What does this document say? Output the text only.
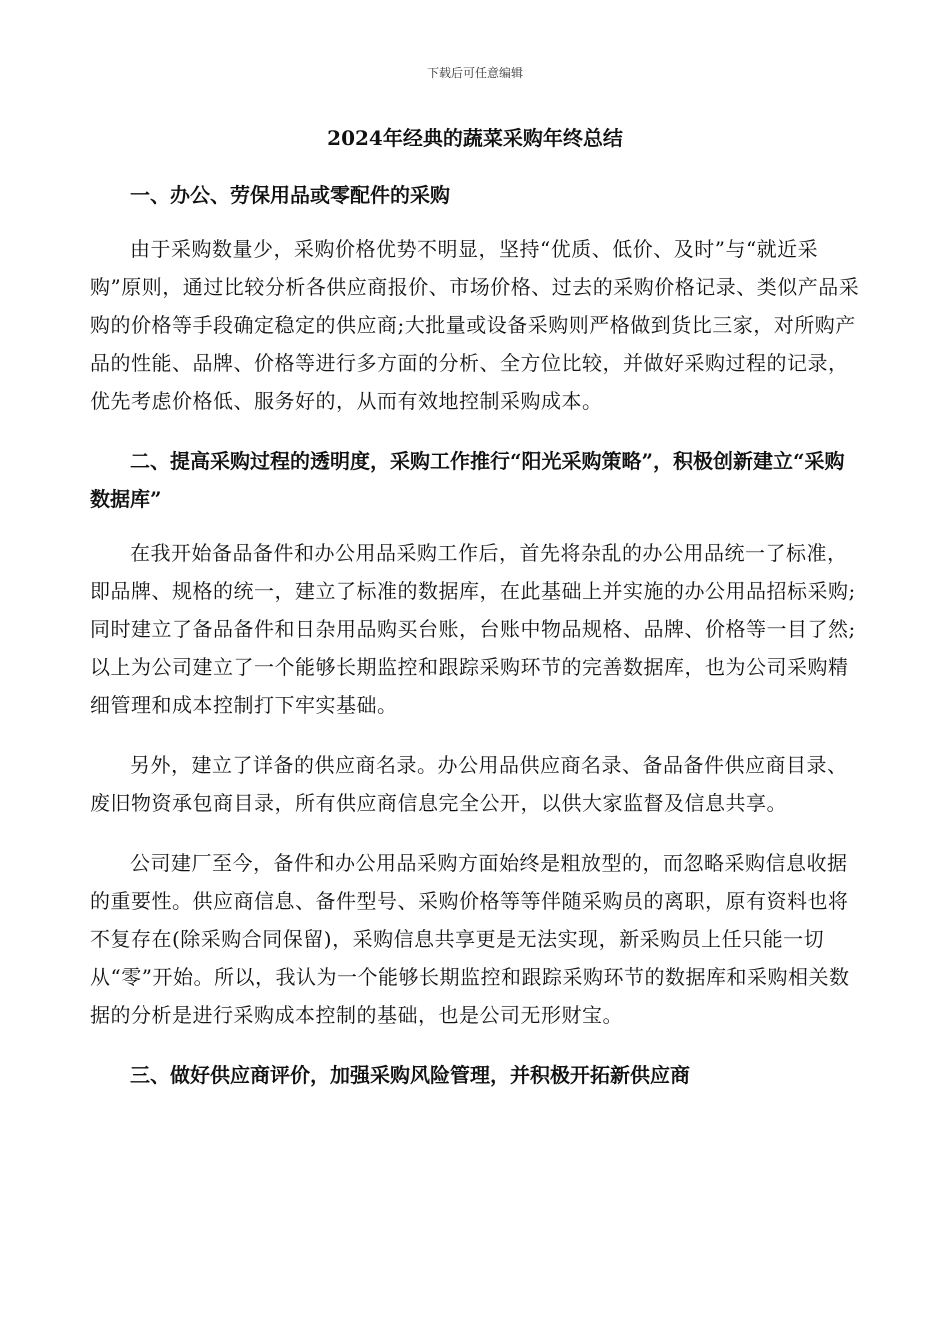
下载后可任意编辑
2024年经典的蔬菜采购年终总结

一、办公、劳保用品或零配件的采购

由于采购数量少，采购价格优势不明显，坚持“优质、低价、及时”与“就近采购”原则，通过比较分析各供应商报价、市场价格、过去的采购价格记录、类似产品采购的价格等手段确定稳定的供应商;大批量或设备采购则严格做到货比三家，对所购产品的性能、品牌、价格等进行多方面的分析、全方位比较，并做好采购过程的记录，优先考虑价格低、服务好的，从而有效地控制采购成本。

二、提高采购过程的透明度，采购工作推行“阳光采购策略”，积极创新建立“采购数据库”

在我开始备品备件和办公用品采购工作后，首先将杂乱的办公用品统一了标准，即品牌、规格的统一，建立了标准的数据库，在此基础上并实施的办公用品招标采购;同时建立了备品备件和日杂用品购买台账，台账中物品规格、品牌、价格等一目了然;以上为公司建立了一个能够长期监控和跟踪采购环节的完善数据库，也为公司采购精细管理和成本控制打下牢实基础。

另外，建立了详备的供应商名录。办公用品供应商名录、备品备件供应商目录、废旧物资承包商目录，所有供应商信息完全公开，以供大家监督及信息共享。

公司建厂至今，备件和办公用品采购方面始终是粗放型的，而忽略采购信息收据的重要性。供应商信息、备件型号、采购价格等等伴随采购员的离职，原有资料也将不复存在(除采购合同保留)，采购信息共享更是无法实现，新采购员上任只能一切从“零”开始。所以，我认为一个能够长期监控和跟踪采购环节的数据库和采购相关数据的分析是进行采购成本控制的基础，也是公司无形财宝。

三、做好供应商评价，加强采购风险管理，并积极开拓新供应商
